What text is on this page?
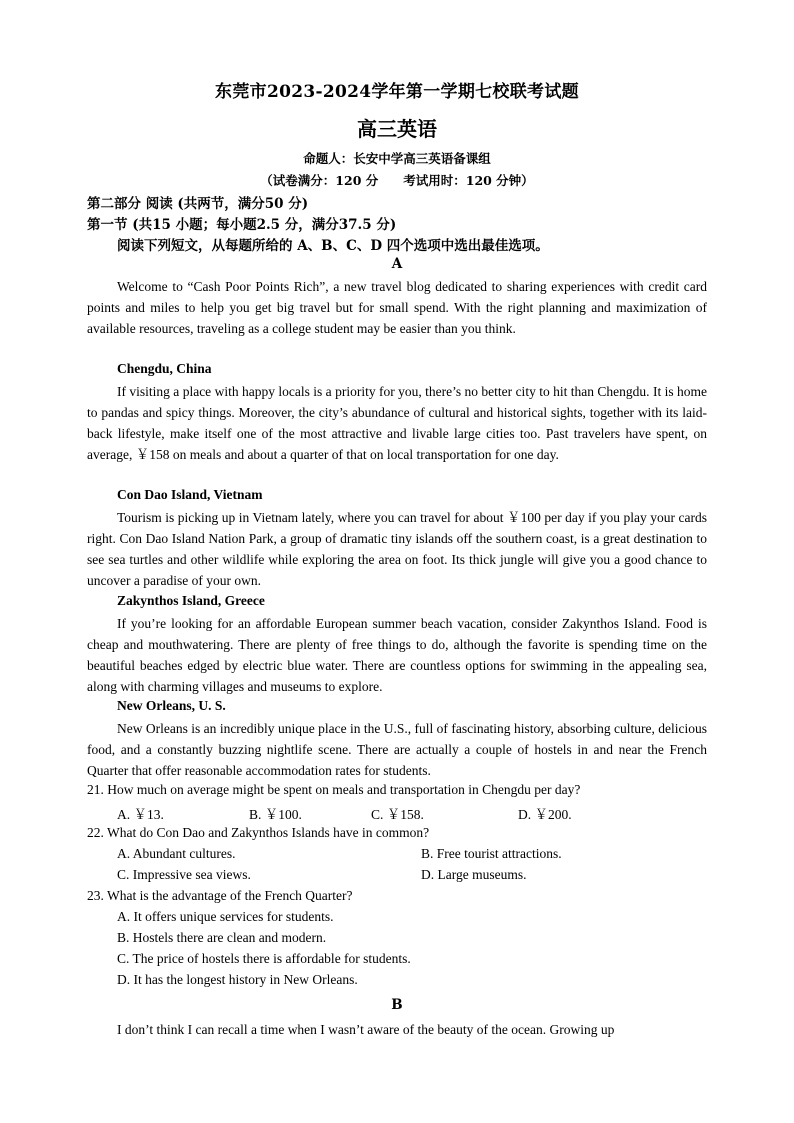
东莞市2023-2024学年第一学期七校联考试题
高三英语
命题人：长安中学高三英语备课组
（试卷满分：120 分　　考试用时：120 分钟）
第二部分 阅读 (共两节，满分50 分)
第一节 (共15 小题；每小题2.5 分，满分37.5 分)
阅读下列短文，从每题所给的 A、B、C、D 四个选项中选出最佳选项。
A

Welcome to “Cash Poor Points Rich”, a new travel blog dedicated to sharing experiences with credit card points and miles to help you get big travel but for small spend. With the right planning and maximization of available resources, traveling as a college student may be easier than you think.

Chengdu, China

If visiting a place with happy locals is a priority for you, there’s no better city to hit than Chengdu. It is home to pandas and spicy things. Moreover, the city’s abundance of cultural and historical sights, together with its laid-back lifestyle, make itself one of the most attractive and livable large cities too. Past travelers have spent, on average, ￥158 on meals and about a quarter of that on local transportation for one day.

Con Dao Island, Vietnam

Tourism is picking up in Vietnam lately, where you can travel for about ￥100 per day if you play your cards right. Con Dao Island Nation Park, a group of dramatic tiny islands off the southern coast, is a great destination to see sea turtles and other wildlife while exploring the area on foot. Its thick jungle will give you a good chance to uncover a paradise of your own.

Zakynthos Island, Greece

If you’re looking for an affordable European summer beach vacation, consider Zakynthos Island. Food is cheap and mouthwatering. There are plenty of free things to do, although the favorite is spending time on the beautiful beaches edged by electric blue water. There are countless options for swimming in the appealing sea, along with charming villages and museums to explore.

New Orleans, U. S.

New Orleans is an incredibly unique place in the U.S., full of fascinating history, absorbing culture, delicious food, and a constantly buzzing nightlife scene. There are actually a couple of hostels in and near the French Quarter that offer reasonable accommodation rates for students.

21. How much on average might be spent on meals and transportation in Chengdu per day?
A. ￥13.	B. ￥100.	C. ￥158.	D. ￥200.
22. What do Con Dao and Zakynthos Islands have in common?
A. Abundant cultures.	B. Free tourist attractions.
C. Impressive sea views.	D. Large museums.
23. What is the advantage of the French Quarter?
A. It offers unique services for students.
B. Hostels there are clean and modern.
C. The price of hostels there is affordable for students.
D. It has the longest history in New Orleans.
B

I don’t think I can recall a time when I wasn’t aware of the beauty of the ocean. Growing up
